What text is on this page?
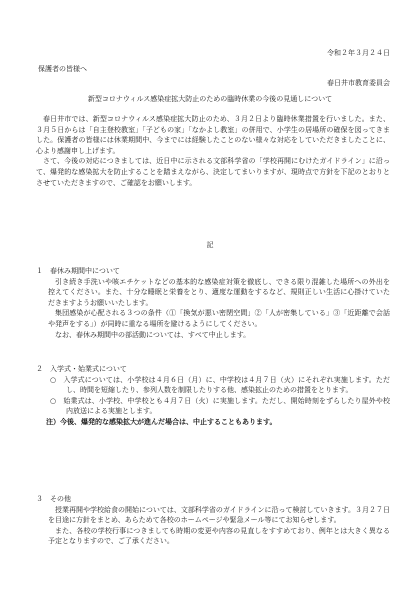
令和２年３月２４日
保護者の皆様へ
春日井市教育委員会
新型コロナウィルス感染症拡大防止のための臨時休業の今後の見通しについて

春日井市では、新型コロナウィルス感染症拡大防止のため、３月２日より臨時休業措置を行いました。また、３月５日からは「自主登校教室」「子どもの家」「なかよし教室」の併用で、小学生の居場所の確保を図ってきました。保護者の皆様には休業期間中、今までには経験したことのない様々な対応をしていただきましたことに、心より感謝申し上げます。

さて、今後の対応につきましては、近日中に示される文部科学省の「学校再開にむけたガイドライン」に沿って、爆発的な感染拡大を防止することを踏まえながら、決定してまいりますが、現時点で方針を下記のとおりとさせていただきますので、ご確認をお願いします。

記

１　春休み期間中について

引き続き手洗いや咳エチケットなどの基本的な感染症対策を徹底し、できる限り混雑した場所への外出を控えてください。また、十分な睡眠と栄養をとり、適度な運動をするなど、規則正しい生活に心掛けていただきますようお願いいたします。

集団感染が心配される３つの条件（①「換気が悪い密閉空間」②「人が密集している」③「近距離で会話や発声をする」）が同時に重なる場所を避けるようにしてください。

なお、春休み期間中の部活動については、すべて中止します。

２　入学式・始業式について

○　入学式については、小学校は４月６日（月）に、中学校は４月７日（火）にそれぞれ実施します。ただし、時間を短縮したり、参列人数を制限したりする他、感染拡止のための措置をとります。

○　始業式は、小学校、中学校とも４月７日（火）に実施します。ただし、開始時刻をずらしたり屋外や校内放送による実施とします。

注）今後、爆発的な感染拡大が進んだ場合は、中止することもあります。

３　その他

授業再開や学校給食の開始については、文部科学省のガイドラインに沿って検討していきます。３月２７日を目途に方針をまとめ、あらためて各校のホームページや緊急メール等にてお知らせします。

また、各校の学校行事につきましても時期の変更や内容の見直しをすすめており、例年とは大きく異なる予定となりますので、ご了承ください。
